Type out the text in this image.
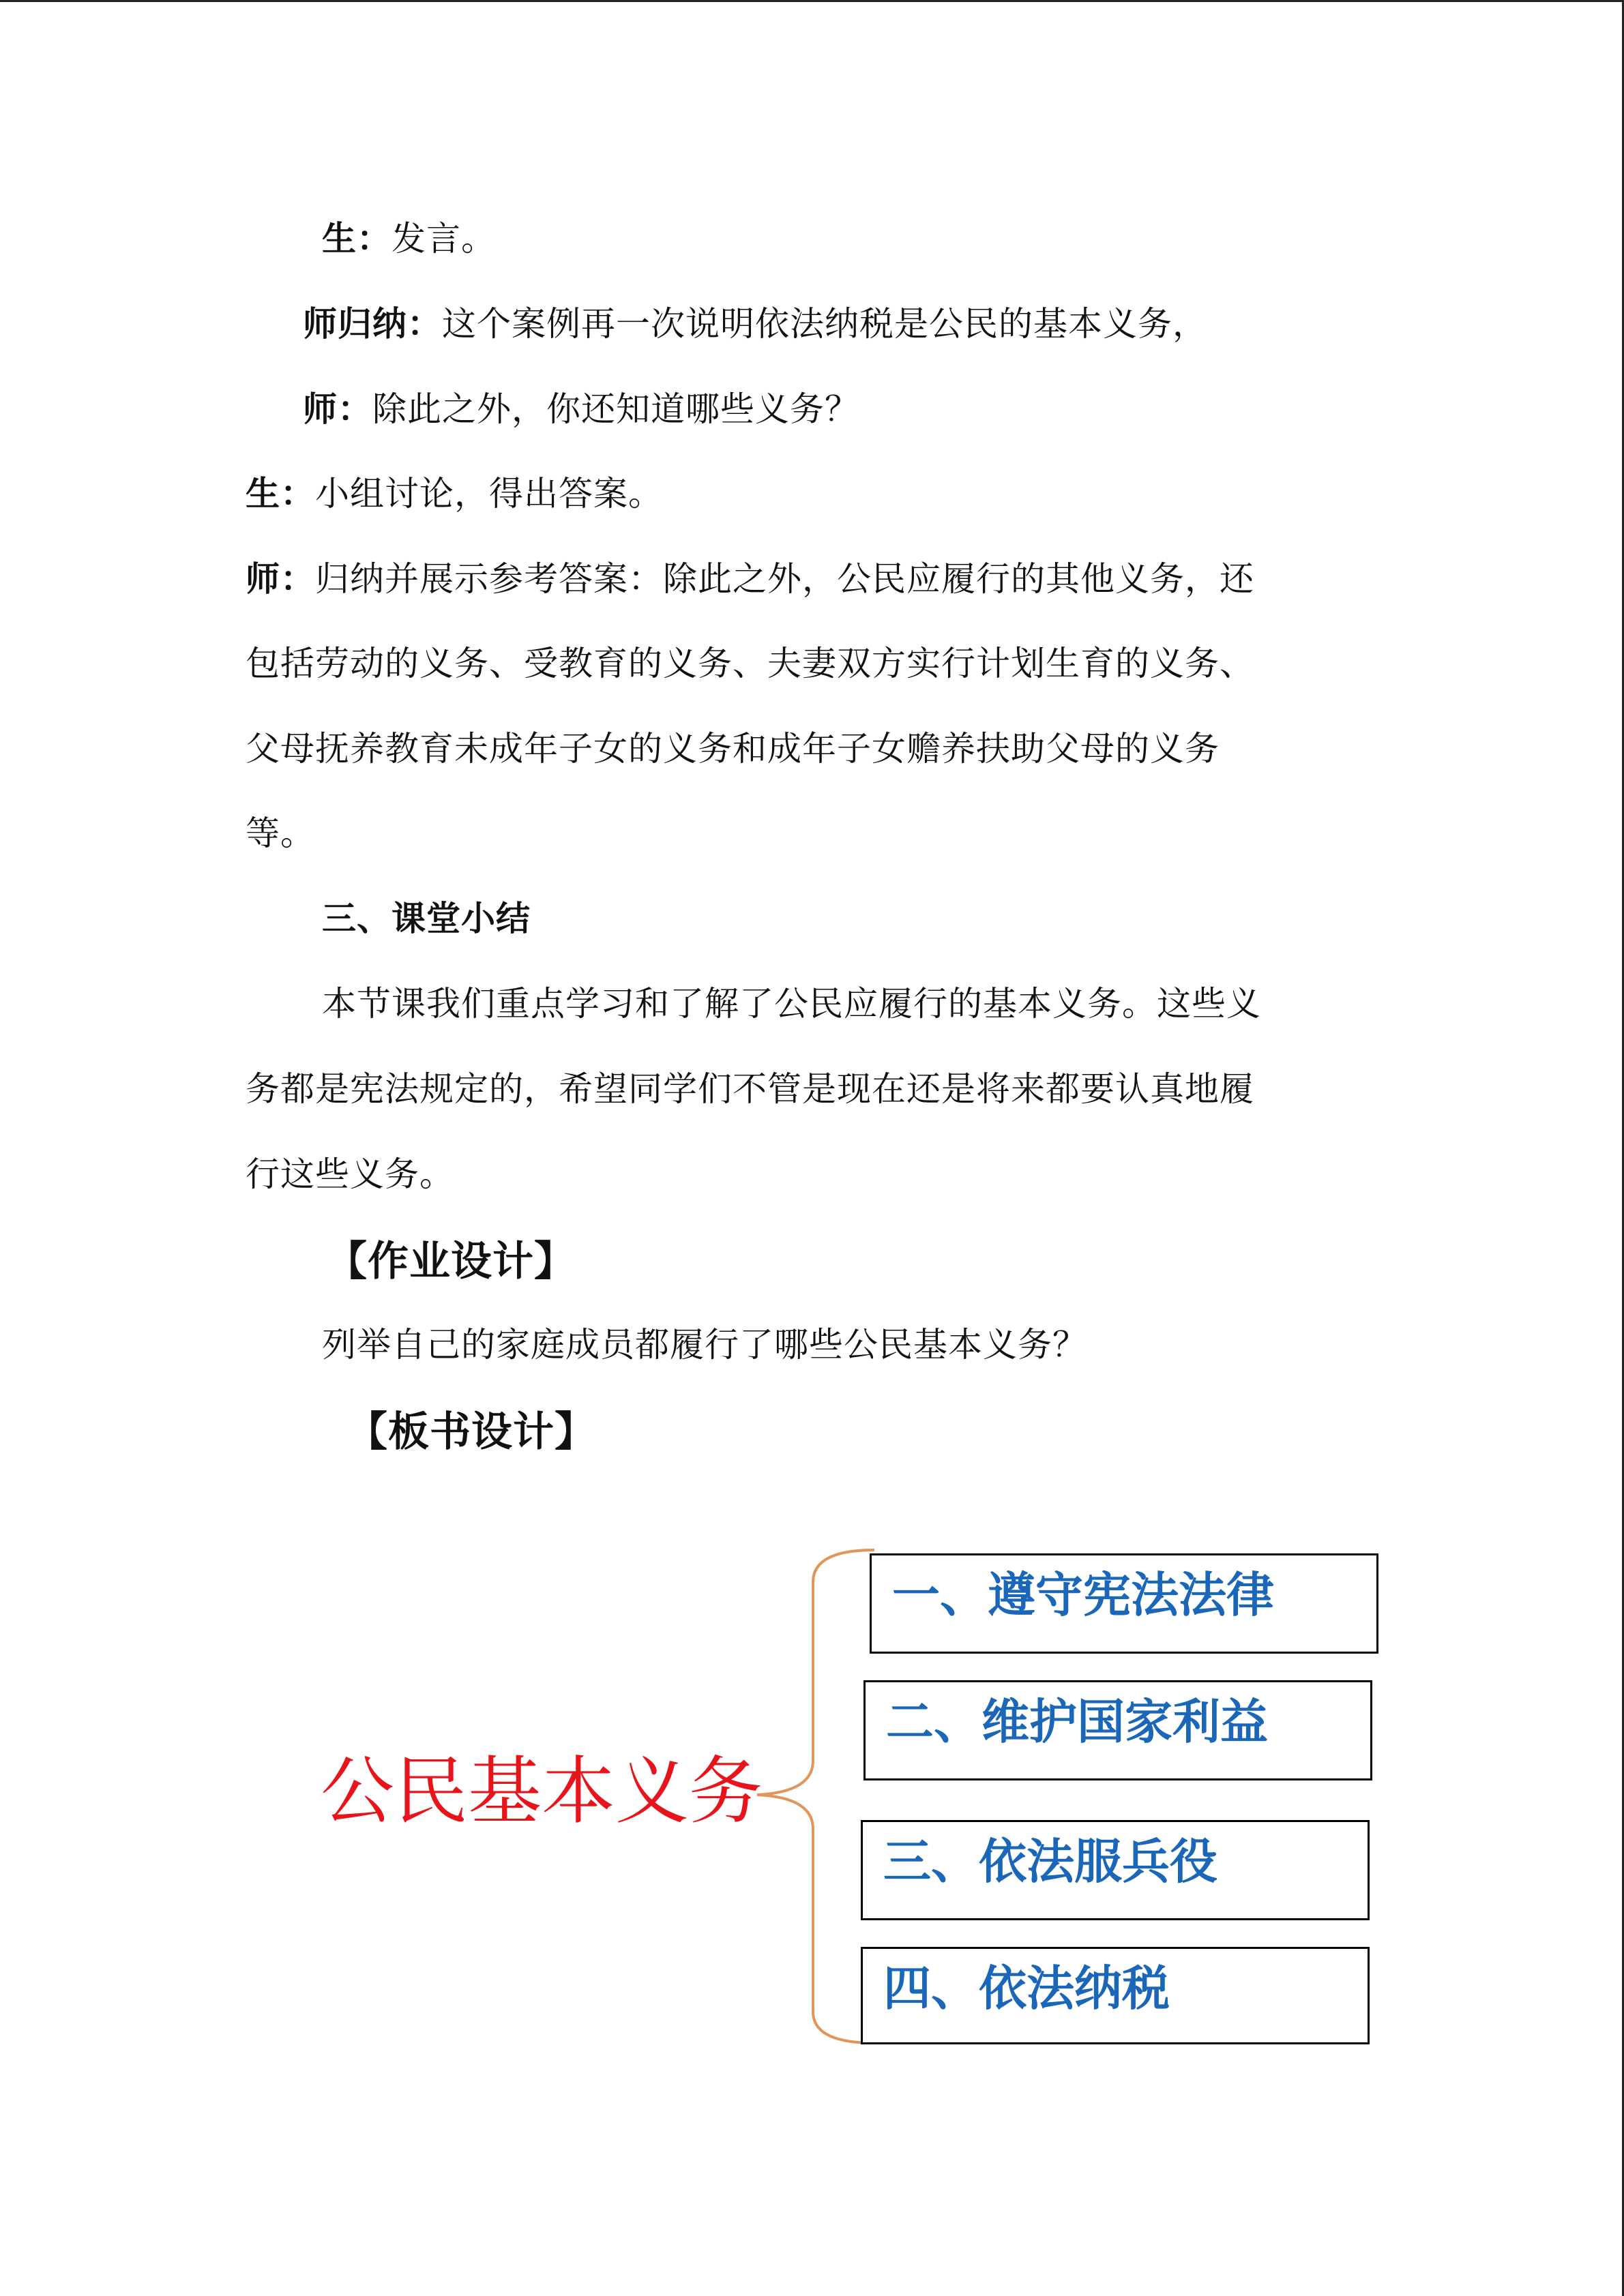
生：发言。
师归纳：这个案例再一次说明依法纳税是公民的基本义务，
师：除此之外，你还知道哪些义务？
生：小组讨论，得出答案。
师：归纳并展示参考答案：除此之外，公民应履行的其他义务，还
包括劳动的义务、受教育的义务、夫妻双方实行计划生育的义务、
父母抚养教育未成年子女的义务和成年子女赡养扶助父母的义务
等。
三、课堂小结
本节课我们重点学习和了解了公民应履行的基本义务。这些义
务都是宪法规定的，希望同学们不管是现在还是将来都要认真地履
行这些义务。
【作业设计】
列举自己的家庭成员都履行了哪些公民基本义务？
【板书设计】
公民基本义务
一、遵守宪法法律
二、维护国家利益
三、依法服兵役
四、依法纳税
